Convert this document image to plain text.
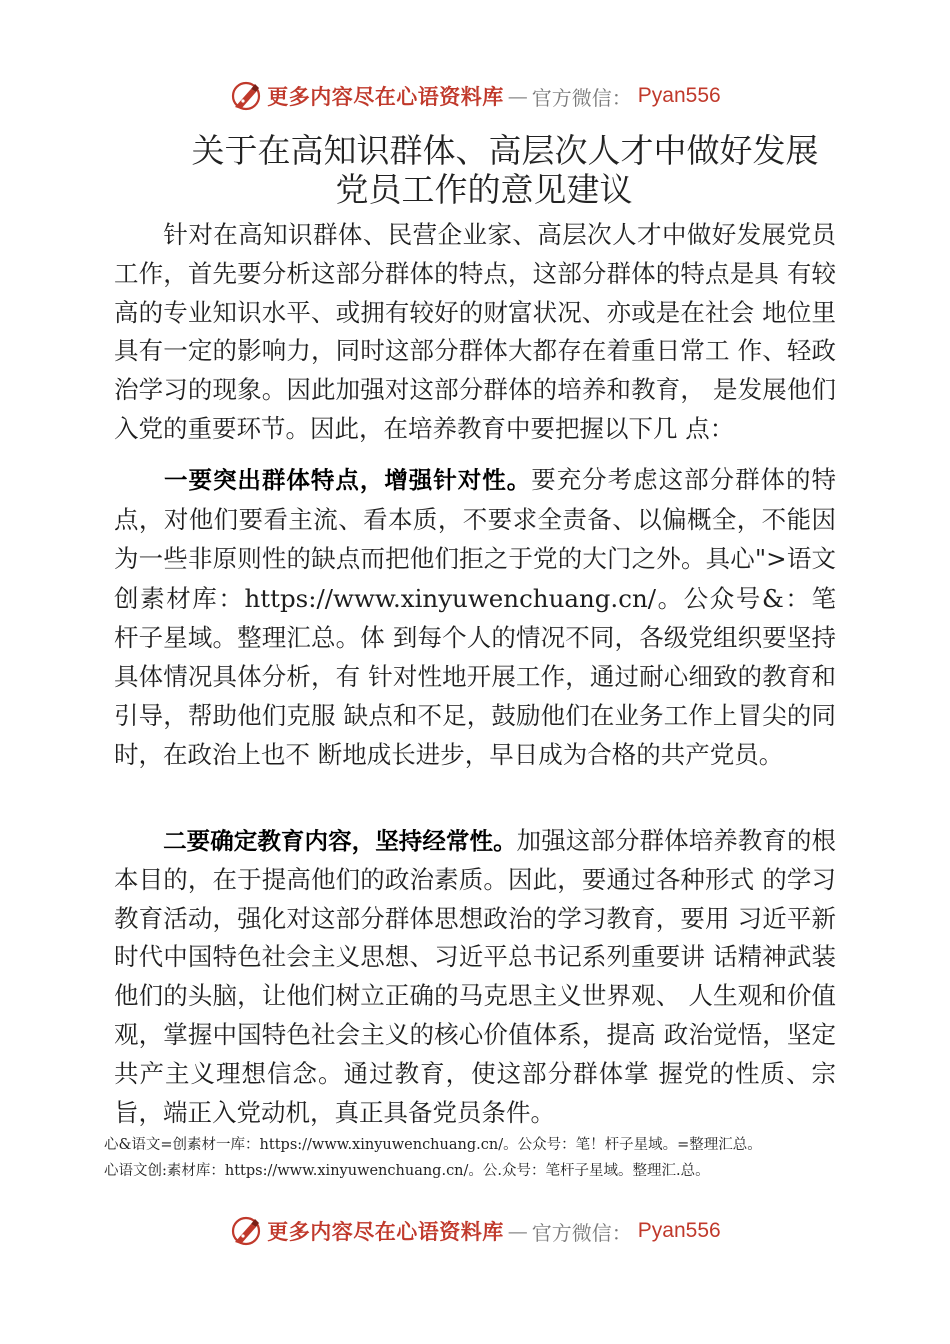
更多内容尽在心语资料库 — 官方微信： Pyan556
关于在高知识群体、高层次人才中做好发展
党员工作的意见建议
针对在高知识群体、民营企业家、高层次人才中做好发展党员工作，首先要分析这部分群体的特点，这部分群体的特点是具 有较高的专业知识水平、或拥有较好的财富状况、亦或是在社会 地位里具有一定的影响力，同时这部分群体大都存在着重日常工 作、轻政治学习的现象。因此加强对这部分群体的培养和教育， 是发展他们入党的重要环节。因此，在培养教育中要把握以下几 点：
一要突出群体特点，增强针对性。要充分考虑这部分群体的特点，对他们要看主流、看本质，不要求全责备、以偏概全，不能因为一些非原则性的缺点而把他们拒之于党的大门之外。具心">语文创素材库：https://www.xinyuwenchuang.cn/。公众号&：笔杆子星域。整理汇总。体 到每个人的情况不同，各级党组织要坚持具体情况具体分析，有 针对性地开展工作，通过耐心细致的教育和引导，帮助他们克服 缺点和不足，鼓励他们在业务工作上冒尖的同时，在政治上也不 断地成长进步，早日成为合格的共产党员。
二要确定教育内容，坚持经常性。加强这部分群体培养教育的根本目的，在于提高他们的政治素质。因此，要通过各种形式 的学习教育活动，强化对这部分群体思想政治的学习教育，要用 习近平新时代中国特色社会主义思想、习近平总书记系列重要讲 话精神武装他们的头脑，让他们树立正确的马克思主义世界观、 人生观和价值观，掌握中国特色社会主义的核心价值体系，提高 政治觉悟，坚定共产主义理想信念。通过教育，使这部分群体掌 握党的性质、宗旨，端正入党动机，真正具备党员条件。
心&语文=创素材一库：https://www.xinyuwenchuang.cn/。公众号：笔！杆子星域。=整理汇总。
心语文创:素材库：https://www.xinyuwenchuang.cn/。公.众号：笔杆子星域。整理汇.总。
更多内容尽在心语资料库 — 官方微信： Pyan556
